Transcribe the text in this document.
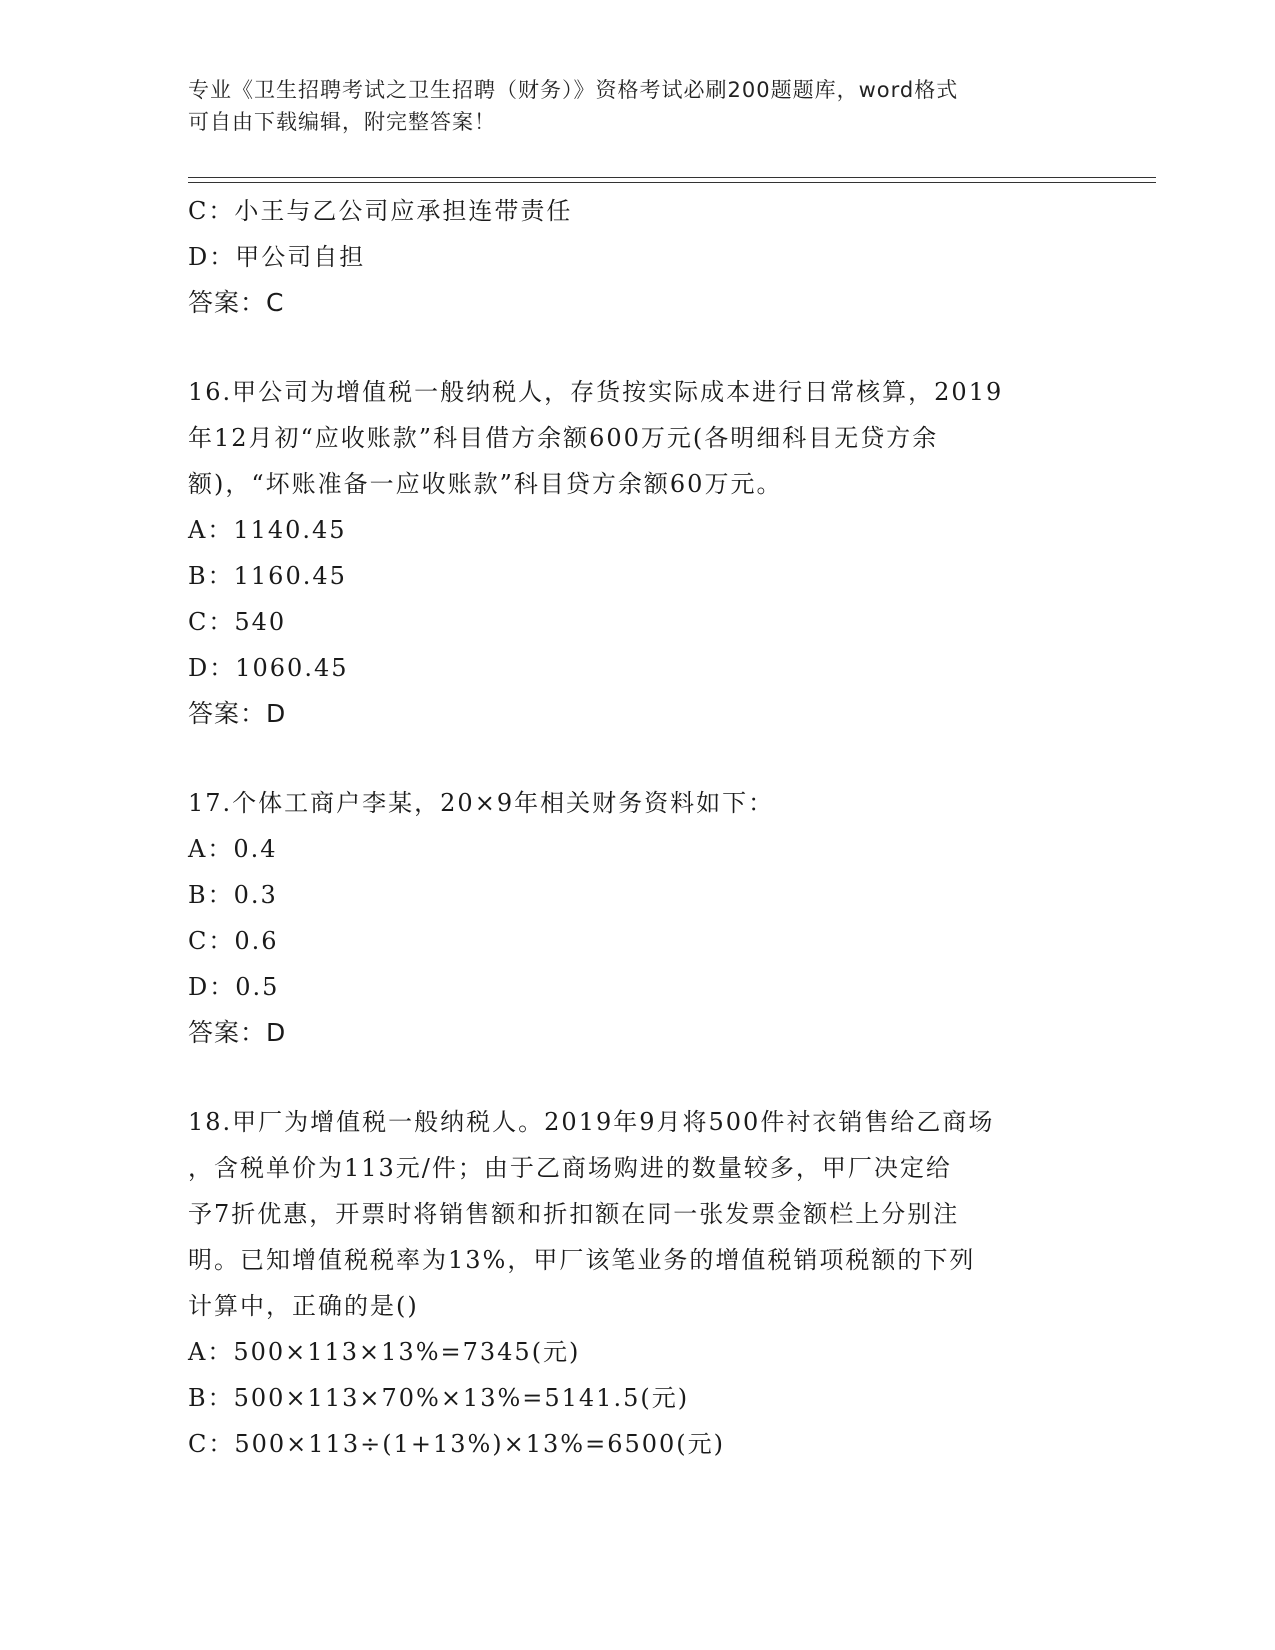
专业《卫生招聘考试之卫生招聘（财务）》资格考试必刷200题题库，word格式
可自由下载编辑，附完整答案！
C：小王与乙公司应承担连带责任
D：甲公司自担
答案：C
16.甲公司为增值税一般纳税人，存货按实际成本进行日常核算，2019
年12月初“应收账款”科目借方余额600万元(各明细科目无贷方余
额)，“坏账准备一应收账款”科目贷方余额60万元。
A：1140.45
B：1160.45
C：540
D：1060.45
答案：D
17.个体工商户李某，20×9年相关财务资料如下：
A：0.4
B：0.3
C：0.6
D：0.5
答案：D
18.甲厂为增值税一般纳税人。2019年9月将500件衬衣销售给乙商场
，含税单价为113元/件；由于乙商场购进的数量较多，甲厂决定给
予7折优惠，开票时将销售额和折扣额在同一张发票金额栏上分别注
明。已知增值税税率为13%，甲厂该笔业务的增值税销项税额的下列
计算中，正确的是()
A：500×113×13%=7345(元)
B：500×113×70%×13%=5141.5(元)
C：500×113÷(1+13%)×13%=6500(元)
